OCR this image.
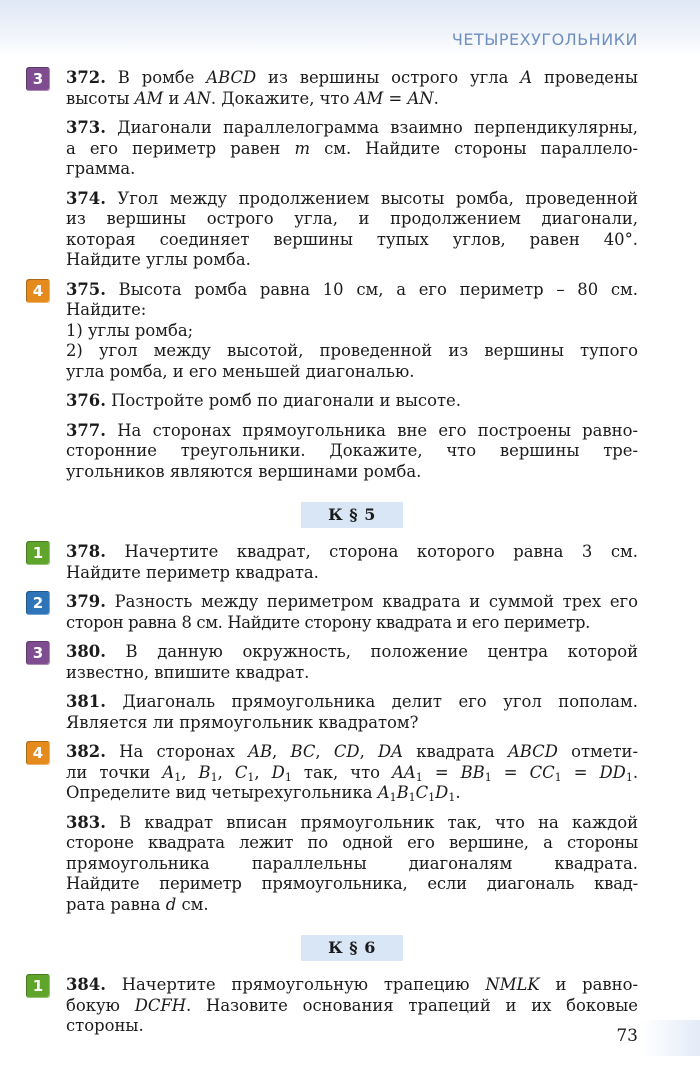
ЧЕТЫРЕХУГОЛЬНИКИ
3	372. В ромбе ABCD из вершины острого угла A проведены
высоты AM и AN. Докажите, что AM = AN.
373. Диагонали параллелограмма взаимно перпендикулярны,
а его периметр равен m см. Найдите стороны параллело-
грамма.
374. Угол между продолжением высоты ромба, проведенной
из вершины острого угла, и продолжением диагонали,
которая соединяет вершины тупых углов, равен 40°.
Найдите углы ромба.
4	375. Высота ромба равна 10 см, а его периметр – 80 см.
Найдите:
1) углы ромба;
2) угол между высотой, проведенной из вершины тупого
угла ромба, и его меньшей диагональю.
376. Постройте ромб по диагонали и высоте.
377. На сторонах прямоугольника вне его построены равно-
сторонние треугольники. Докажите, что вершины тре-
угольников являются вершинами ромба.
К § 5
1	378. Начертите квадрат, сторона которого равна 3 см.
Найдите периметр квадрата.
2	379. Разность между периметром квадрата и суммой трех его
сторон равна 8 см. Найдите сторону квадрата и его периметр.
3	380. В данную окружность, положение центра которой
известно, впишите квадрат.
381. Диагональ прямоугольника делит его угол пополам.
Является ли прямоугольник квадратом?
4	382. На сторонах AB, BC, CD, DA квадрата ABCD отмети-
ли точки $A_1$, $B_1$, $C_1$, $D_1$ так, что $AA_1 = BB_1 = CC_1 = DD_1$.
Определите вид четырехугольника $A_1B_1C_1D_1$.
383. В квадрат вписан прямоугольник так, что на каждой
стороне квадрата лежит по одной его вершине, а стороны
прямоугольника параллельны диагоналям квадрата.
Найдите периметр прямоугольника, если диагональ квад-
рата равна d см.
К § 6
1	384. Начертите прямоугольную трапецию NMLK и равно-
бокую DCFH. Назовите основания трапеций и их боковые
стороны.
73
